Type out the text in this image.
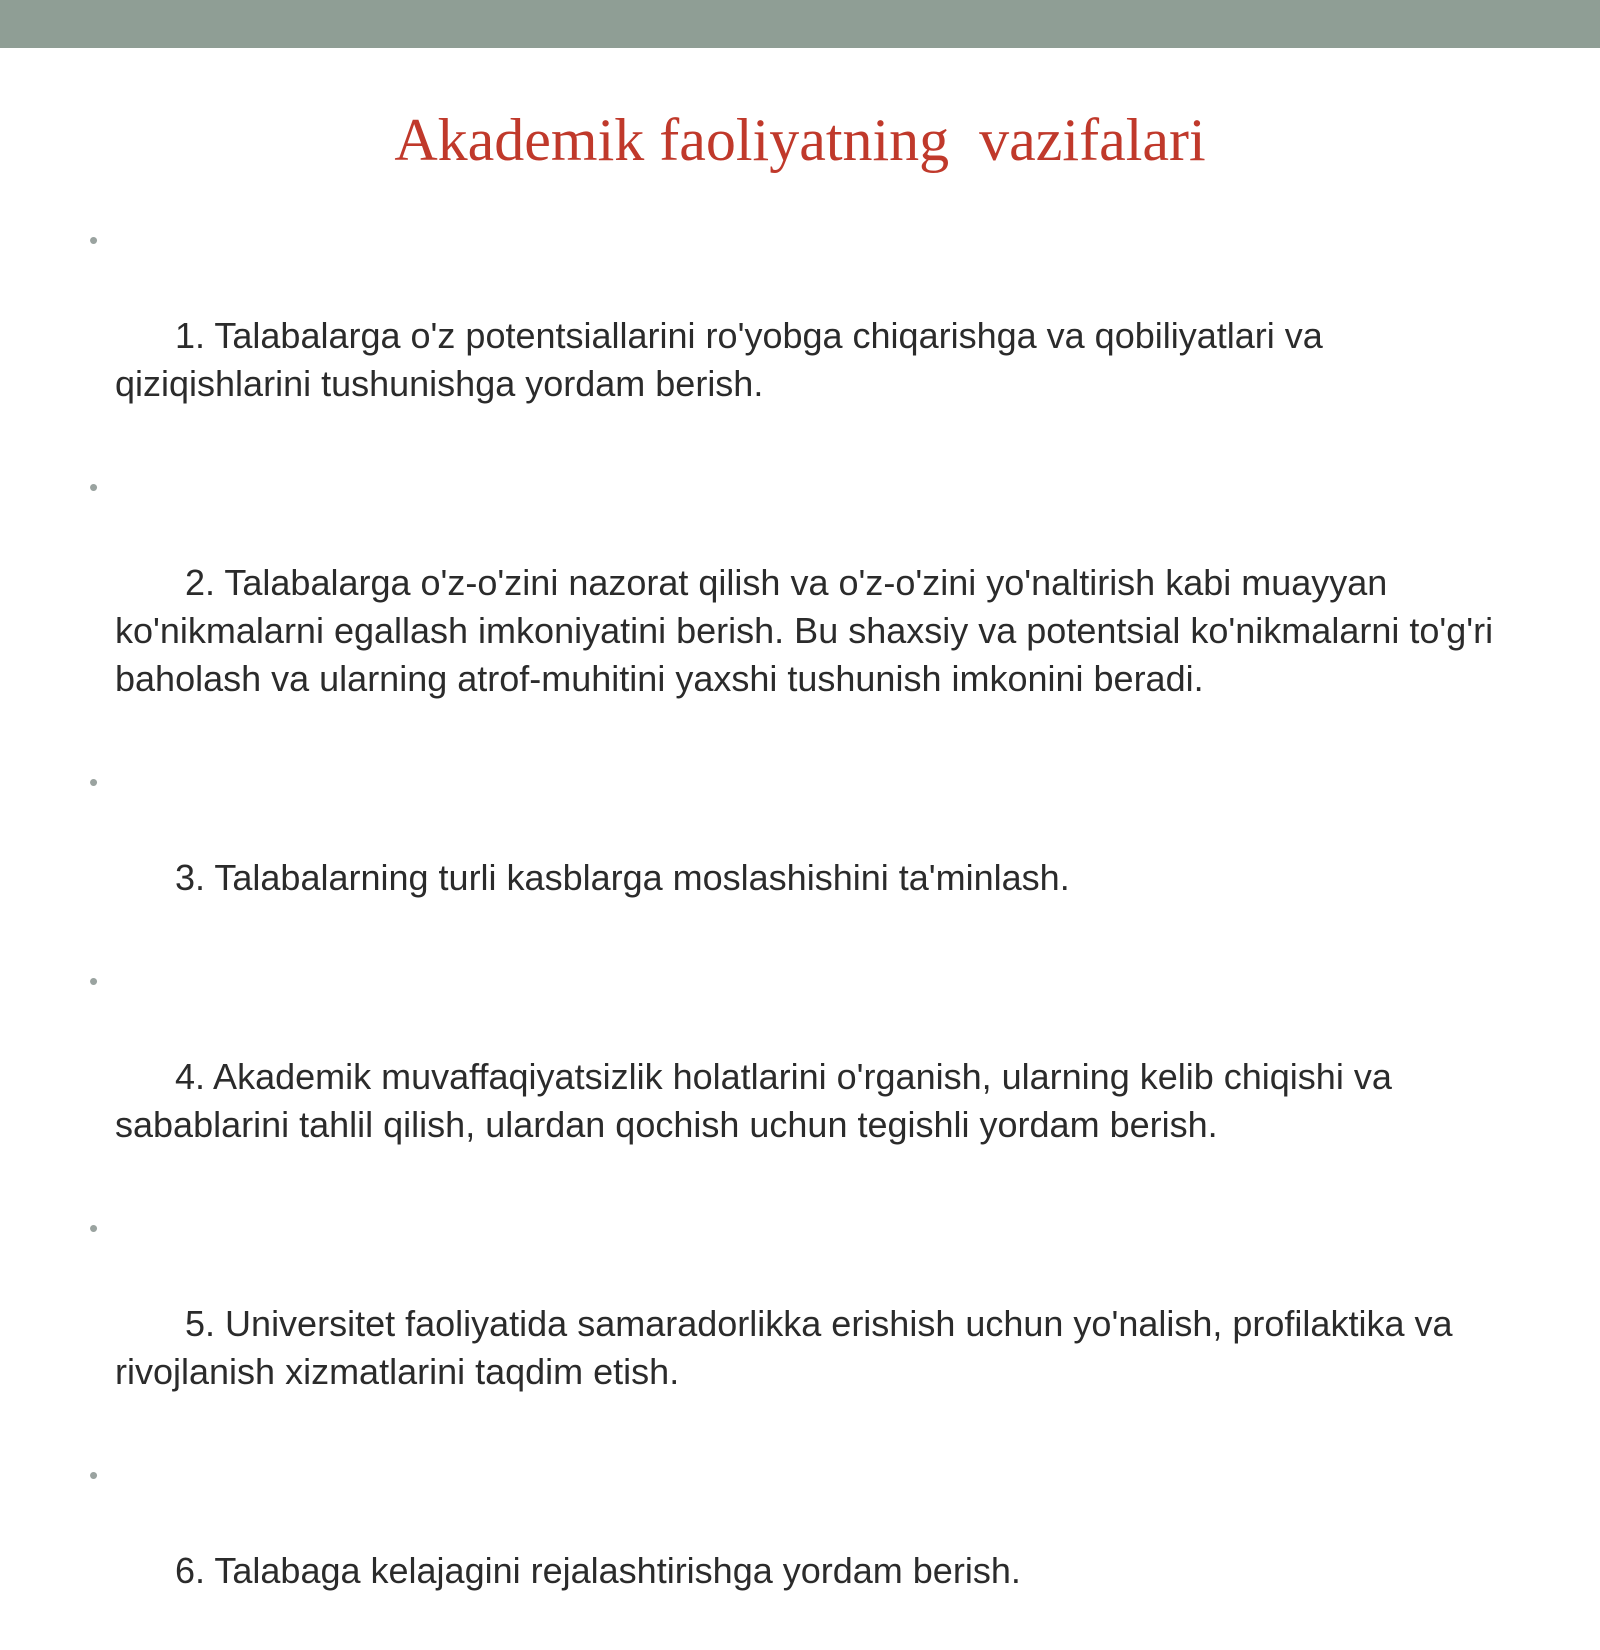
Akademik faoliyatning  vazifalari

•

1. Talabalarga o'z potentsiallarini ro'yobga chiqarishga va qobiliyatlari va qiziqishlarini tushunishga yordam berish.

•

2. Talabalarga o'z-o'zini nazorat qilish va o'z-o'zini yo'naltirish kabi muayyan ko'nikmalarni egallash imkoniyatini berish. Bu shaxsiy va potentsial ko'nikmalarni to'g'ri baholash va ularning atrof-muhitini yaxshi tushunish imkonini beradi.

•

3. Talabalarning turli kasblarga moslashishini ta'minlash.

•

4. Akademik muvaffaqiyatsizlik holatlarini o'rganish, ularning kelib chiqishi va sabablarini tahlil qilish, ulardan qochish uchun tegishli yordam berish.

•

5. Universitet faoliyatida samaradorlikka erishish uchun yo'nalish, profilaktika va rivojlanish xizmatlarini taqdim etish.

•

6. Talabaga kelajagini rejalashtirishga yordam berish.
